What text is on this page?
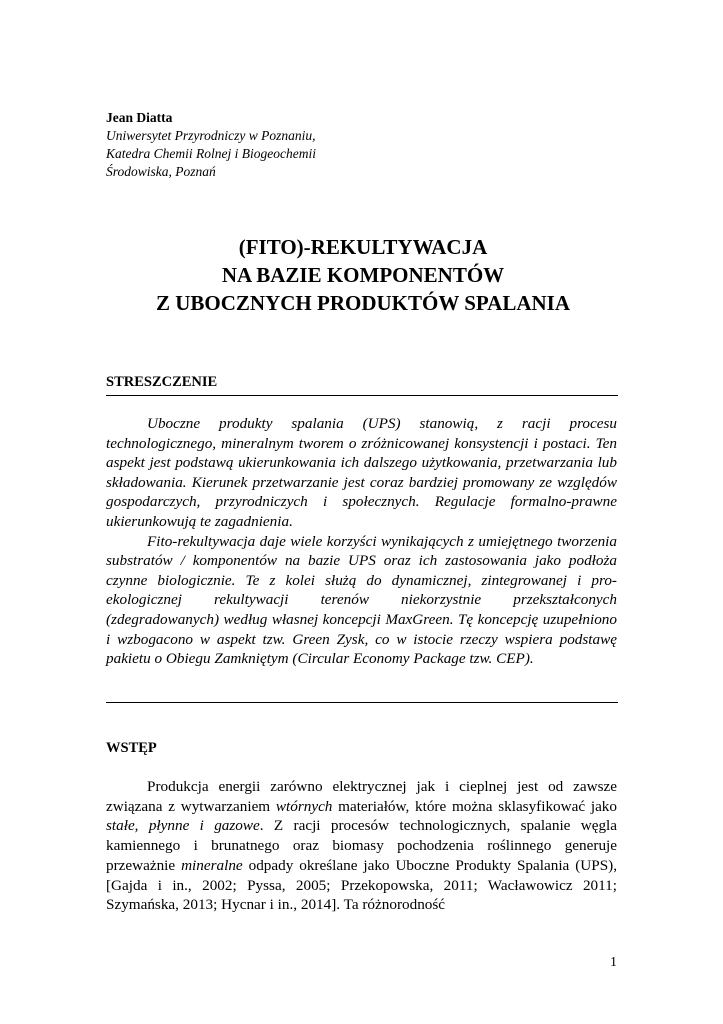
Jean Diatta
Uniwersytet Przyrodniczy w Poznaniu,
Katedra Chemii Rolnej i Biogeochemii
Środowiska, Poznań
(FITO)-REKULTYWACJA
NA BAZIE KOMPONENTÓW
Z UBOCZNYCH PRODUKTÓW SPALANIA
STRESZCZENIE

Uboczne produkty spalania (UPS) stanowią, z racji procesu technologicznego, mineralnym tworem o zróżnicowanej konsystencji i postaci. Ten aspekt jest podstawą ukierunkowania ich dalszego użytkowania, przetwarzania lub składowania. Kierunek przetwarzanie jest coraz bardziej promowany ze względów gospodarczych, przyrodniczych i społecznych. Regulacje formalno-prawne ukierunkowują te zagadnienia.

Fito-rekultywacja daje wiele korzyści wynikających z umiejętnego tworzenia substratów / komponentów na bazie UPS oraz ich zastosowania jako podłoża czynne biologicznie. Te z kolei służą do dynamicznej, zintegrowanej i pro-ekologicznej rekultywacji terenów niekorzystnie przekształconych (zdegradowanych) według własnej koncepcji MaxGreen. Tę koncepcję uzupełniono i wzbogacono w aspekt tzw. Green Zysk, co w istocie rzeczy wspiera podstawę pakietu o Obiegu Zamkniętym (Circular Economy Package tzw. CEP).

WSTĘP

Produkcja energii zarówno elektrycznej jak i cieplnej jest od zawsze związana z wytwarzaniem wtórnych materiałów, które można sklasyfikować jako stałe, płynne i gazowe. Z racji procesów technologicznych, spalanie węgla kamiennego i brunatnego oraz biomasy pochodzenia roślinnego generuje przeważnie mineralne odpady określane jako Uboczne Produkty Spalania (UPS), [Gajda i in., 2002; Pyssa, 2005; Przekopowska, 2011; Wacławowicz 2011; Szymańska, 2013; Hycnar i in., 2014]. Ta różnorodność

1
